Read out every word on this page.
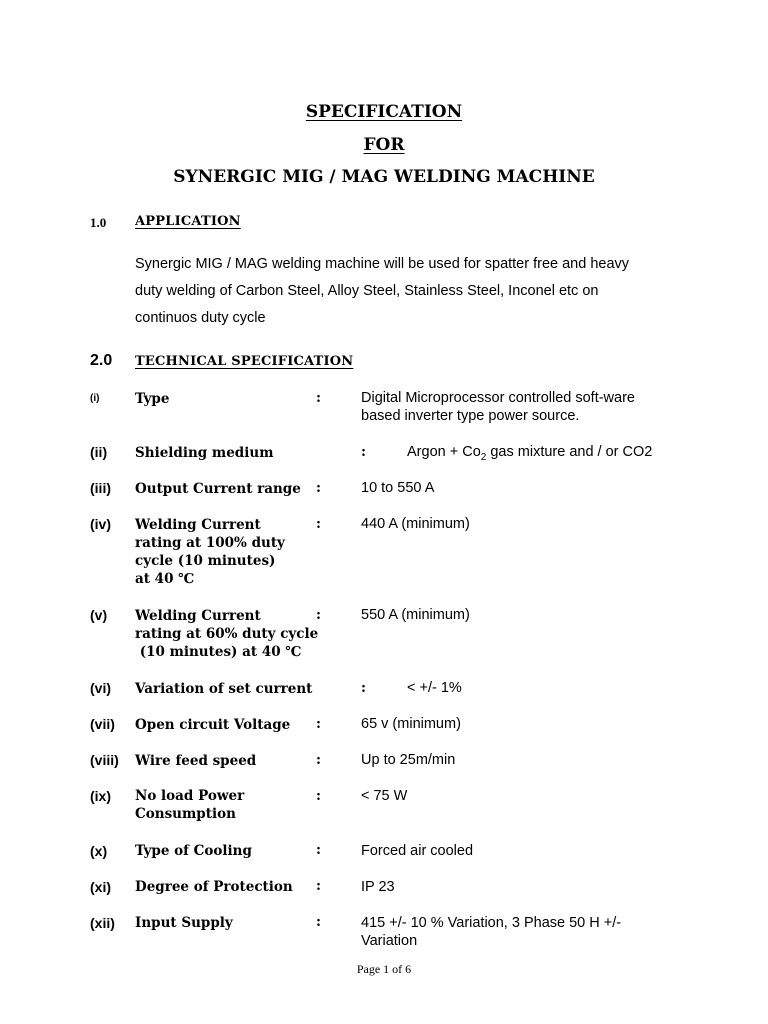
SPECIFICATION
FOR
SYNERGIC MIG / MAG WELDING MACHINE
1.0 APPLICATION
Synergic MIG / MAG welding machine will be used for spatter free and heavy
duty welding of Carbon Steel, Alloy Steel, Stainless Steel, Inconel etc on
continuos duty cycle
2.0 TECHNICAL SPECIFICATION
(i)	Type	:	Digital Microprocessor controlled soft-ware
based inverter type power source.
(ii) Shielding medium	:	Argon + $Co_2$ gas mixture and / or CO2
(iii) Output Current range :	10 to 550 A
(iv) Welding Current
rating at 100% duty
cycle (10 minutes)
at 40 ℃
:	440 A (minimum)
(v) Welding Current
rating at 60% duty cycle
(10 minutes) at 40 ℃
:	550 A (minimum)
(vi) Variation of set current	:	< +/- 1%
(vii) Open circuit Voltage :	65 v (minimum)
(viii) Wire feed speed	:	Up to 25m/min
(ix) No load Power
Consumption
:	< 75 W
(x) Type of Cooling	:	Forced air cooled
(xi) Degree of Protection :	IP 23
(xii) Input Supply	:	415 +/- 10 % Variation, 3 Phase 50 H +/-
Variation
Page 1 of 6
